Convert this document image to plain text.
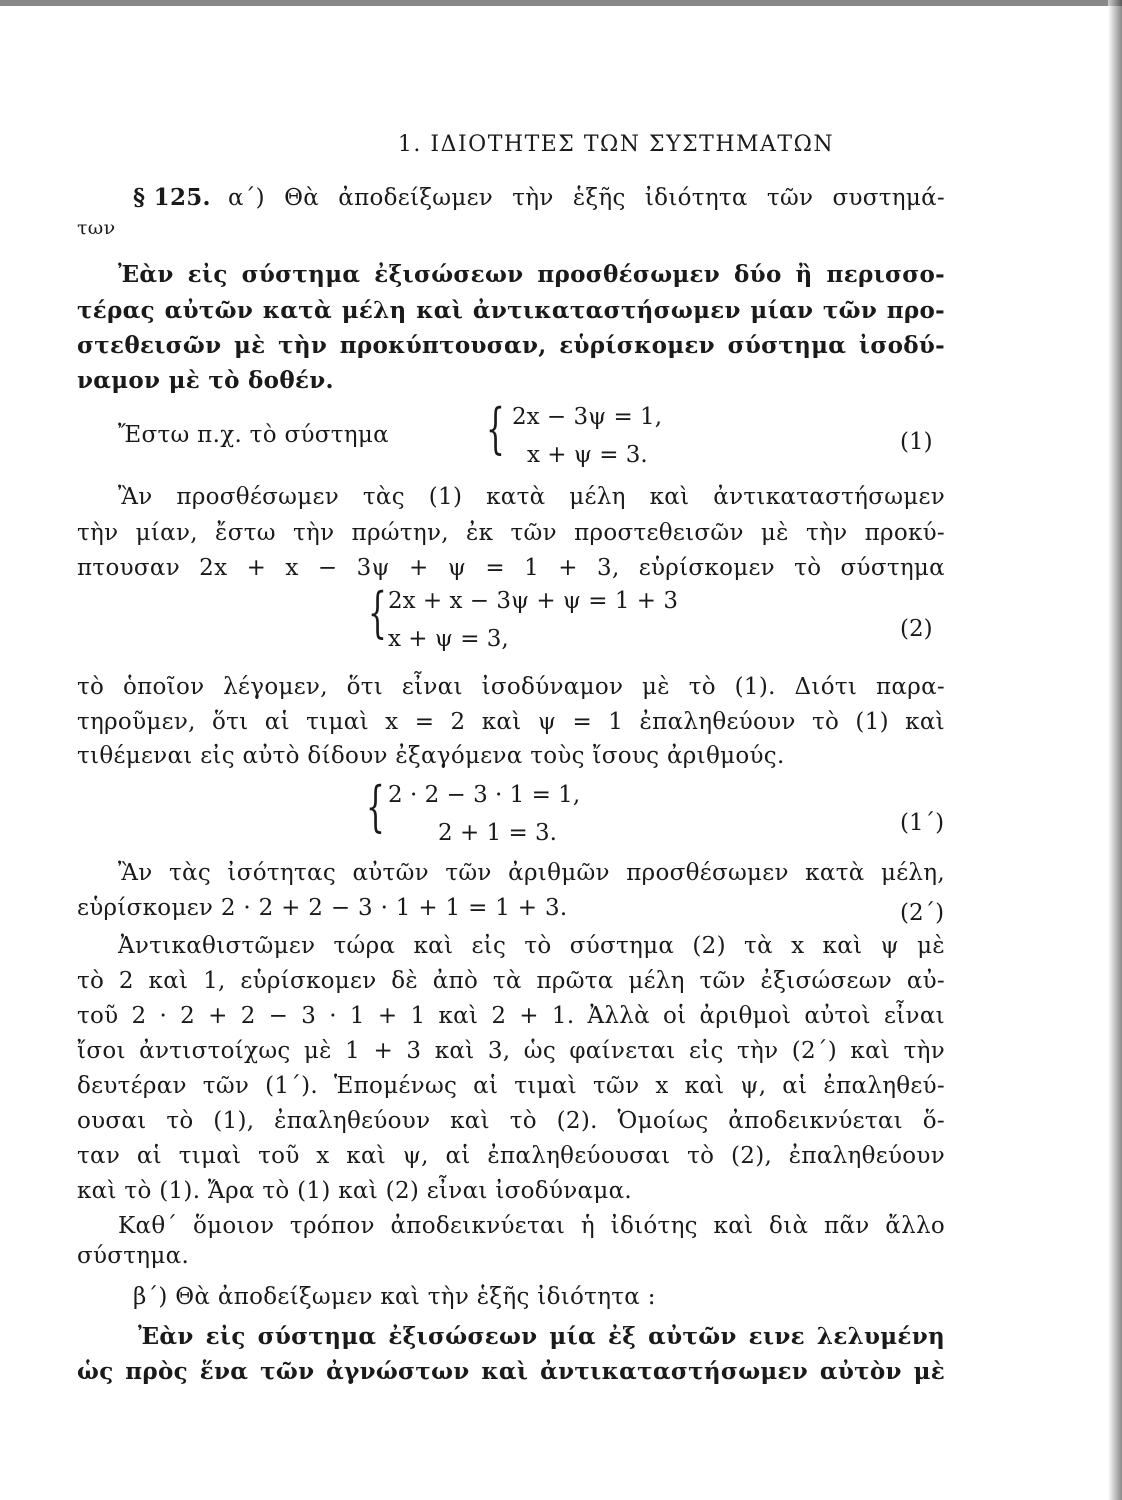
1. ΙΔΙΟΤΗΤΕΣ ΤΩΝ ΣΥΣΤΗΜΑΤΩΝ
§ 125. α΄) Θὰ ἀποδείξωμεν τὴν ἑξῆς ἰδιότητα τῶν συστημά-
των
Ἐὰν εἰς σύστημα ἐξισώσεων προσθέσωμεν δύο ἢ περισσο-
τέρας αὐτῶν κατὰ μέλη καὶ ἀντικαταστήσωμεν μίαν τῶν προ-
στεθεισῶν μὲ τὴν προκύπτουσαν, εὑρίσκομεν σύστημα ἰσοδύ-
ναμον μὲ τὸ δοθέν.
Ἔστω π.χ. τὸ σύστημα { 2x − 3ψ = 1,
x + ψ = 3.	(1)
Ἂν προσθέσωμεν τὰς (1) κατὰ μέλη καὶ ἀντικαταστήσωμεν
τὴν μίαν, ἔστω τὴν πρώτην, ἐκ τῶν προστεθεισῶν μὲ τὴν προκύ-
πτουσαν 2x + x − 3ψ + ψ = 1 + 3, εὑρίσκομεν τὸ σύστημα
{ 2x + x − 3ψ + ψ = 1 + 3
x + ψ = 3,	(2)
τὸ ὁποῖον λέγομεν, ὅτι εἶναι ἰσοδύναμον μὲ τὸ (1). Διότι παρα-
τηροῦμεν, ὅτι αἱ τιμαὶ x = 2 καὶ ψ = 1 ἐπαληθεύουν τὸ (1) καὶ
τιθέμεναι εἰς αὐτὸ δίδουν ἐξαγόμενα τοὺς ἴσους ἀριθμούς.
{ 2 · 2 − 3 · 1 = 1,
2 + 1 = 3.	(1΄)
Ἂν τὰς ἰσότητας αὐτῶν τῶν ἀριθμῶν προσθέσωμεν κατὰ μέλη,
εὑρίσκομεν 2 · 2 + 2 − 3 · 1 + 1 = 1 + 3.	(2΄)
Ἀντικαθιστῶμεν τώρα καὶ εἰς τὸ σύστημα (2) τὰ x καὶ ψ μὲ
τὸ 2 καὶ 1, εὑρίσκομεν δὲ ἀπὸ τὰ πρῶτα μέλη τῶν ἐξισώσεων αὐ-
τοῦ 2 · 2 + 2 − 3 · 1 + 1 καὶ 2 + 1. Ἀλλὰ οἱ ἀριθμοὶ αὐτοὶ εἶναι
ἴσοι ἀντιστοίχως μὲ 1 + 3 καὶ 3, ὡς φαίνεται εἰς τὴν (2΄) καὶ τὴν
δευτέραν τῶν (1΄). Ἑπομένως αἱ τιμαὶ τῶν x καὶ ψ, αἱ ἐπαληθεύ-
ουσαι τὸ (1), ἐπαληθεύουν καὶ τὸ (2). Ὁμοίως ἀποδεικνύεται ὅ-
ταν αἱ τιμαὶ τοῦ x καὶ ψ, αἱ ἐπαληθεύουσαι τὸ (2), ἐπαληθεύουν
καὶ τὸ (1). Ἄρα τὸ (1) καὶ (2) εἶναι ἰσοδύναμα.
Καθ΄ ὅμοιον τρόπον ἀποδεικνύεται ἡ ἰδιότης καὶ διὰ πᾶν ἄλλο
σύστημα.
β΄) Θὰ ἀποδείξωμεν καὶ τὴν ἑξῆς ἰδιότητα :
Ἐὰν εἰς σύστημα ἐξισώσεων μία ἐξ αὐτῶν εινε λελυμένη
ὡς πρὸς ἕνα τῶν ἀγνώστων καὶ ἀντικαταστήσωμεν αὐτὸν μὲ
